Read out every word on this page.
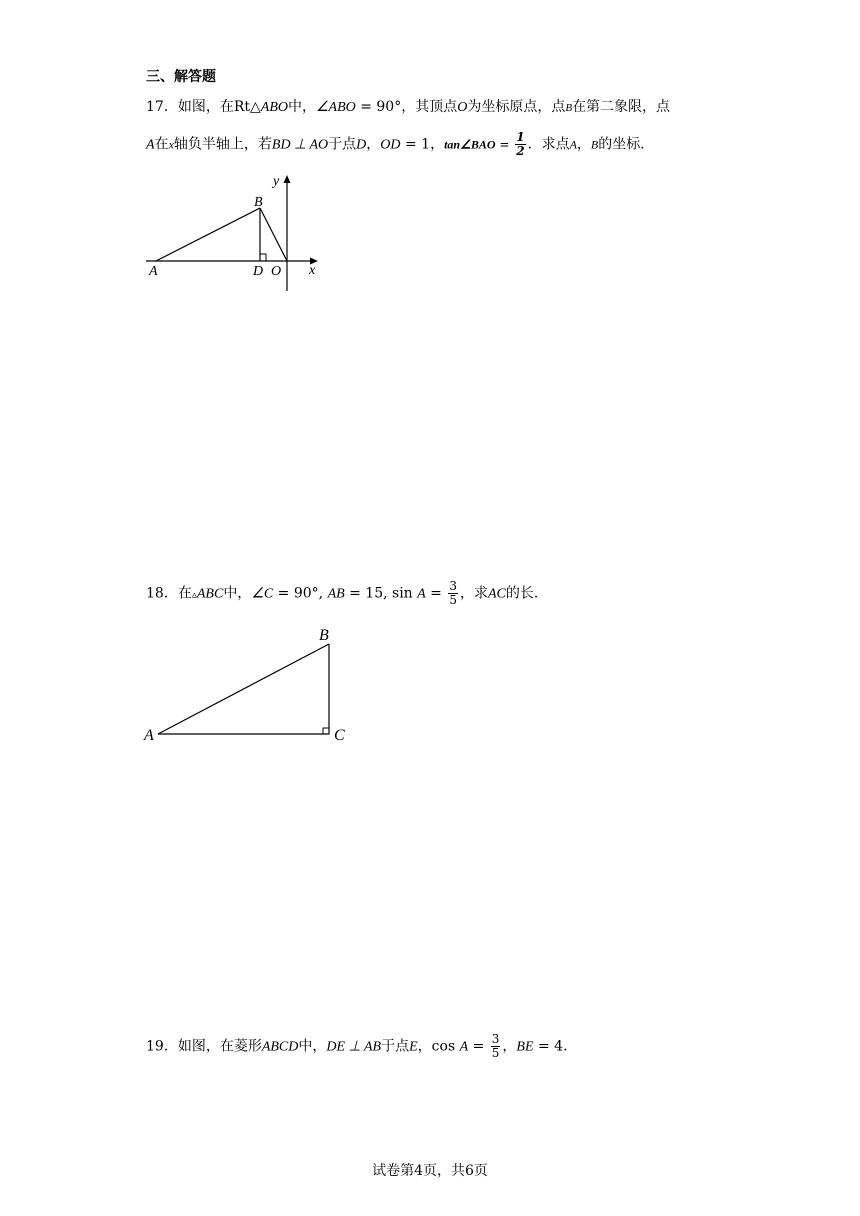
三、解答题
17．如图，在Rt△ABO中，∠ABO = 90°，其顶点O为坐标原点，点B在第二象限，点
A在x轴负半轴上，若BD ⊥ AO于点D，OD = 1，tan∠BAO = $\frac{1}{2}$ ．求点A，B的坐标．
A
B
D O x
y
18．在▵ABC中，∠C = 90°, AB = 15, $\sin A = \frac{3}{5}$ ，求AC的长．
A
B
C
19．如图，在菱形ABCD中，DE ⊥ AB于点E，$\cos A = \frac{3}{5}$ ，BE = 4．
试卷第4页，共6页
